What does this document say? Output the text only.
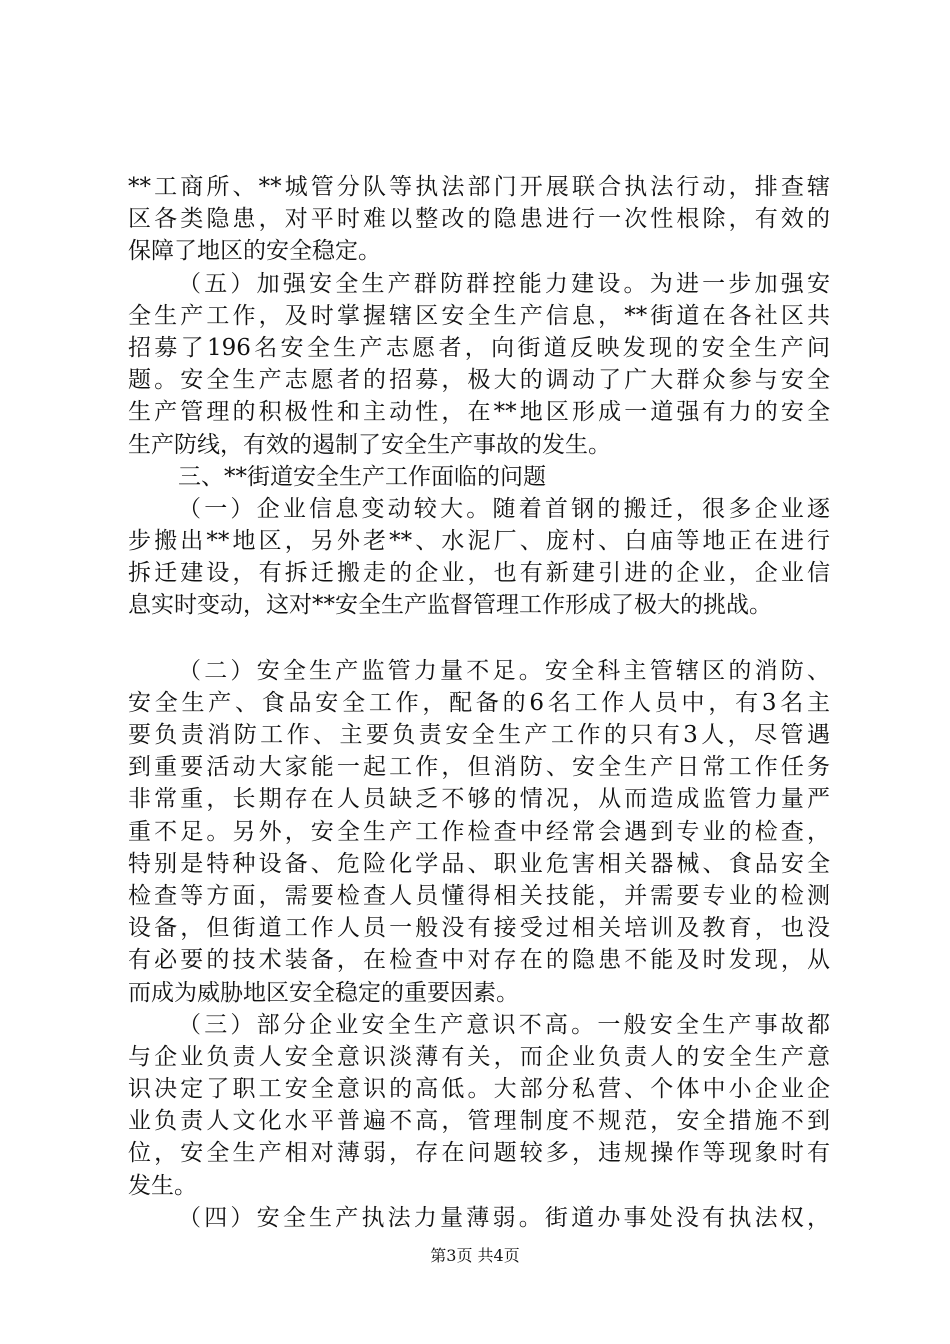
**工商所、**城管分队等执法部门开展联合执法行动，排查辖
区各类隐患，对平时难以整改的隐患进行一次性根除，有效的
保障了地区的安全稳定。
（五）加强安全生产群防群控能力建设。为进一步加强安
全生产工作，及时掌握辖区安全生产信息，**街道在各社区共
招募了196名安全生产志愿者，向街道反映发现的安全生产问
题。安全生产志愿者的招募，极大的调动了广大群众参与安全
生产管理的积极性和主动性，在**地区形成一道强有力的安全
生产防线，有效的遏制了安全生产事故的发生。
三、**街道安全生产工作面临的问题
（一）企业信息变动较大。随着首钢的搬迁，很多企业逐
步搬出**地区，另外老**、水泥厂、庞村、白庙等地正在进行
拆迁建设，有拆迁搬走的企业，也有新建引进的企业，企业信
息实时变动，这对**安全生产监督管理工作形成了极大的挑战。
（二）安全生产监管力量不足。安全科主管辖区的消防、
安全生产、食品安全工作，配备的6名工作人员中，有3名主
要负责消防工作、主要负责安全生产工作的只有3人，尽管遇
到重要活动大家能一起工作，但消防、安全生产日常工作任务
非常重，长期存在人员缺乏不够的情况，从而造成监管力量严
重不足。另外，安全生产工作检查中经常会遇到专业的检查，
特别是特种设备、危险化学品、职业危害相关器械、食品安全
检查等方面，需要检查人员懂得相关技能，并需要专业的检测
设备，但街道工作人员一般没有接受过相关培训及教育，也没
有必要的技术装备，在检查中对存在的隐患不能及时发现，从
而成为威胁地区安全稳定的重要因素。
（三）部分企业安全生产意识不高。一般安全生产事故都
与企业负责人安全意识淡薄有关，而企业负责人的安全生产意
识决定了职工安全意识的高低。大部分私营、个体中小企业企
业负责人文化水平普遍不高，管理制度不规范，安全措施不到
位，安全生产相对薄弱，存在问题较多，违规操作等现象时有
发生。
（四）安全生产执法力量薄弱。街道办事处没有执法权，
第3页 共4页
